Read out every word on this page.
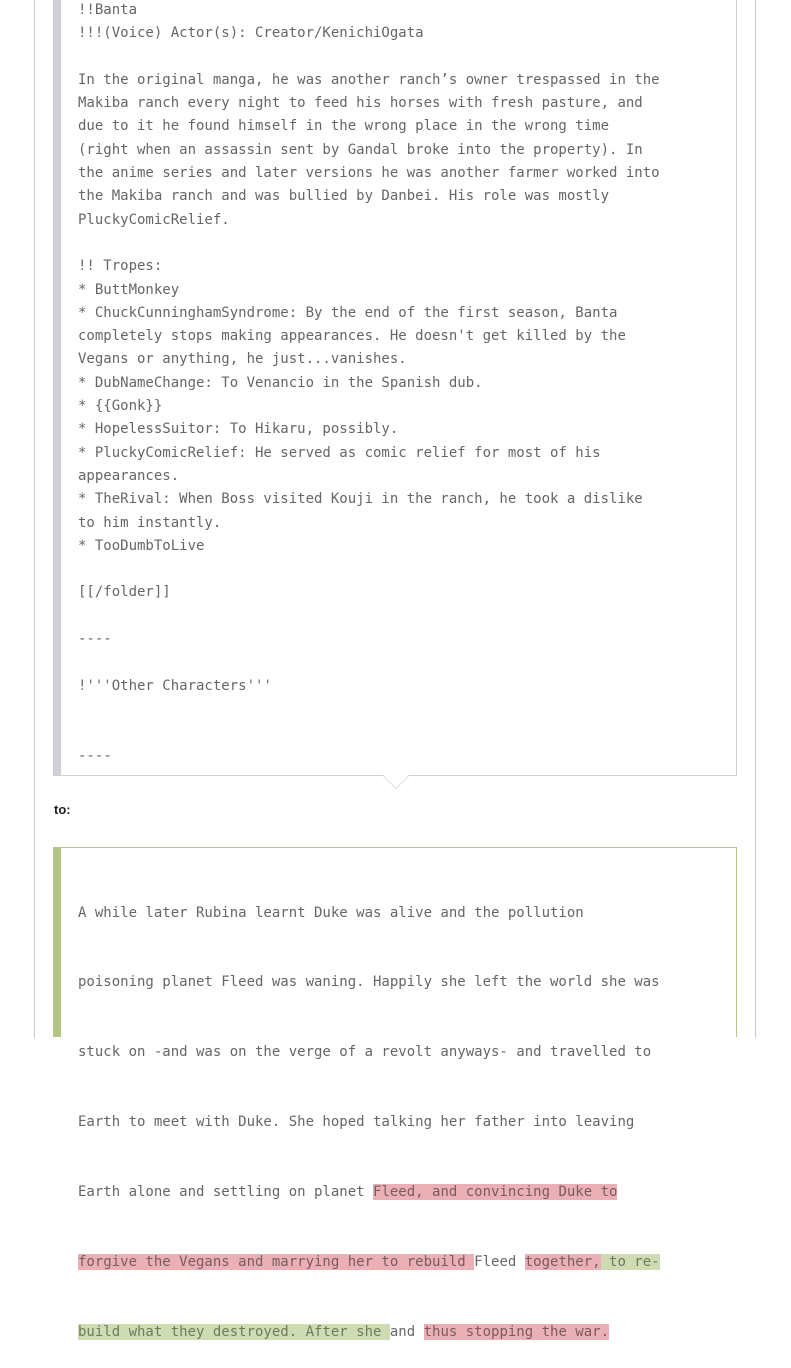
!!Banta
!!!(Voice) Actor(s): Creator/KenichiOgata
In the original manga, he was another ranch’s owner trespassed in the
Makiba ranch every night to feed his horses with fresh pasture, and
due to it he found himself in the wrong place in the wrong time
(right when an assassin sent by Gandal broke into the property). In
the anime series and later versions he was another farmer worked into
the Makiba ranch and was bullied by Danbei. His role was mostly
PluckyComicRelief.
!! Tropes:
* ButtMonkey
* ChuckCunninghamSyndrome: By the end of the first season, Banta
completely stops making appearances. He doesn't get killed by the
Vegans or anything, he just...vanishes.
* DubNameChange: To Venancio in the Spanish dub.
* {{Gonk}}
* HopelessSuitor: To Hikaru, possibly.
* PluckyComicRelief: He served as comic relief for most of his
appearances.
* TheRival: When Boss visited Kouji in the ranch, he took a dislike
to him instantly.
* TooDumbToLive
[[/folder]]
----
!'''Other Characters'''
----
to:

A while later Rubina learnt Duke was alive and the pollution

poisoning planet Fleed was waning. Happily she left the world she was

stuck on -and was on the verge of a revolt anyways- and travelled to

Earth to meet with Duke. She hoped talking her father into leaving

Earth alone and settling on planet Fleed, and convincing Duke to

forgive the Vegans and marrying her to rebuild Fleed together, to re-

build what they destroyed. After she and thus stopping the war.
